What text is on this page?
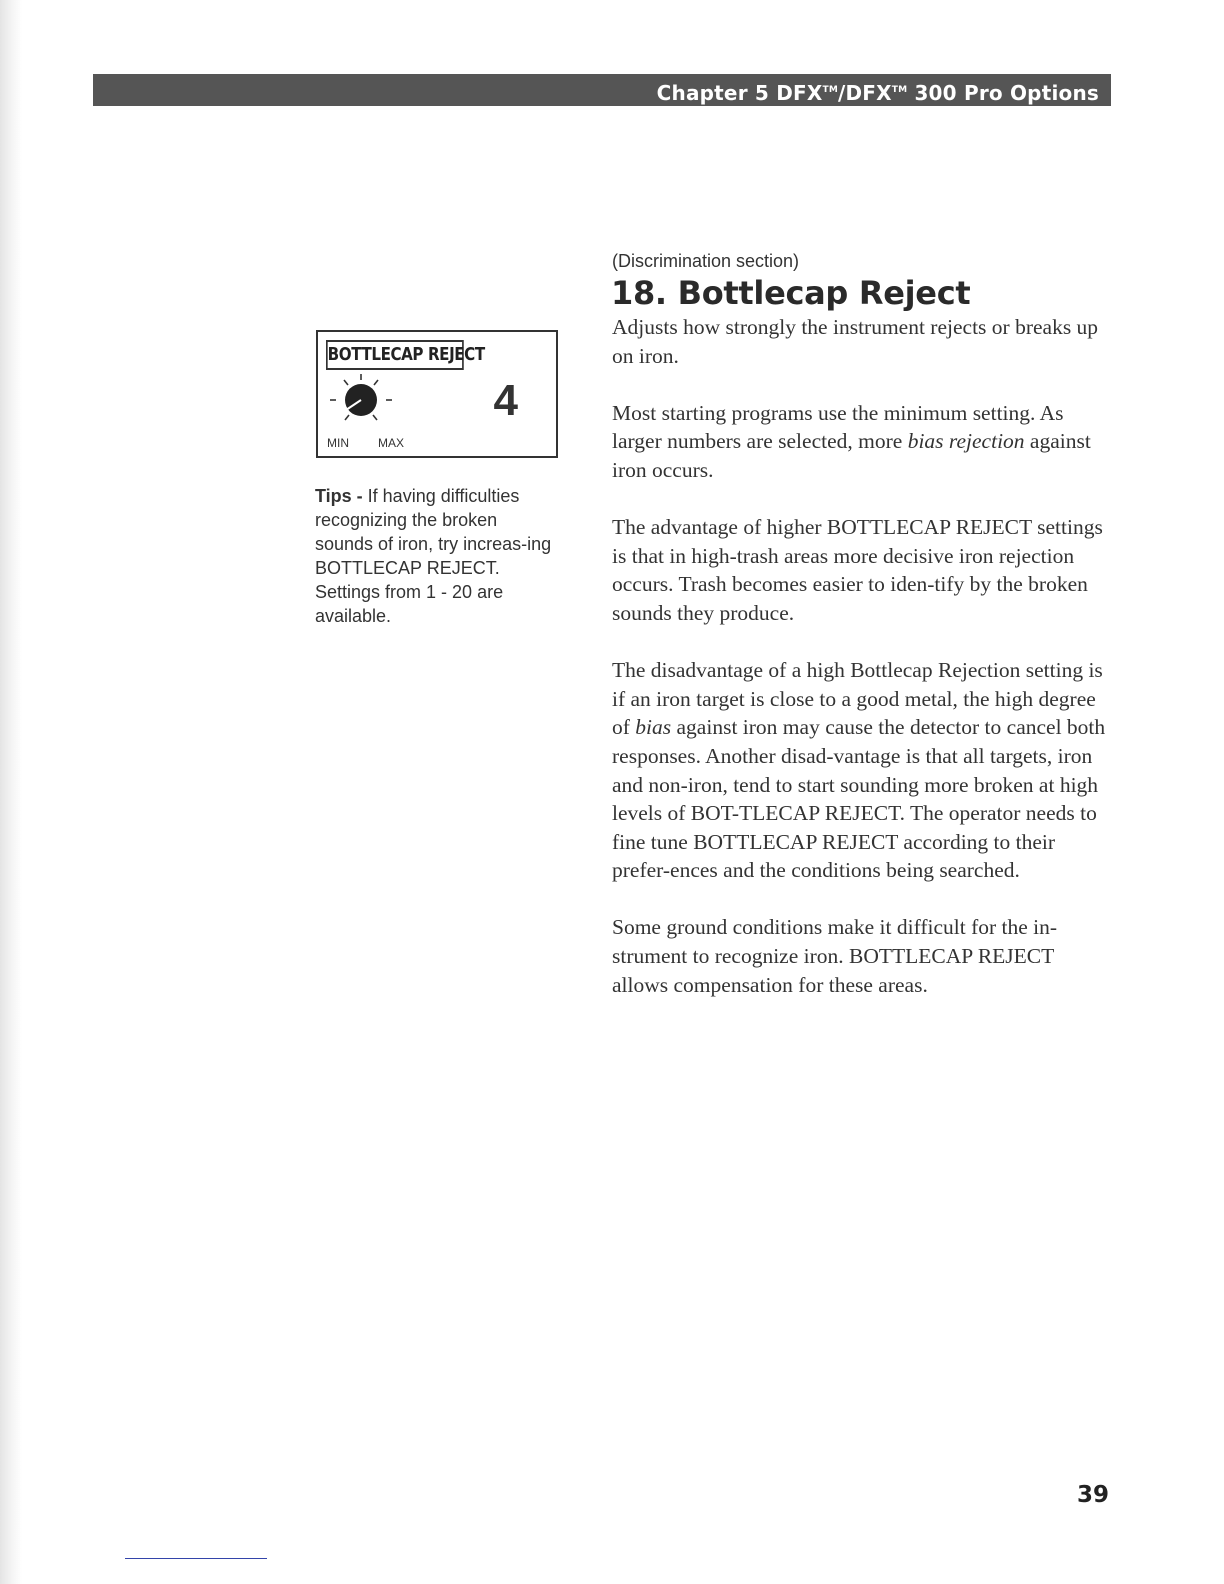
Chapter 5 DFX™/DFX™ 300 Pro Options
BOTTLECAP REJECT
4
MIN MAX
Tips - If having difficulties recognizing the broken sounds of iron, try increas-ing BOTTLECAP REJECT. Settings from 1 - 20 are available.
(Discrimination section)
18. Bottlecap Reject

Adjusts how strongly the instrument rejects or breaks up on iron.

Most starting programs use the minimum setting. As larger numbers are selected, more bias rejection against iron occurs.

The advantage of higher BOTTLECAP REJECT settings is that in high-trash areas more decisive iron rejection occurs. Trash becomes easier to iden-tify by the broken sounds they produce.

The disadvantage of a high Bottlecap Rejection setting is if an iron target is close to a good metal, the high degree of bias against iron may cause the detector to cancel both responses. Another disad-vantage is that all targets, iron and non-iron, tend to start sounding more broken at high levels of BOT-TLECAP REJECT. The operator needs to fine tune BOTTLECAP REJECT according to their prefer-ences and the conditions being searched.

Some ground conditions make it difficult for the in-strument to recognize iron. BOTTLECAP REJECT allows compensation for these areas.

39
